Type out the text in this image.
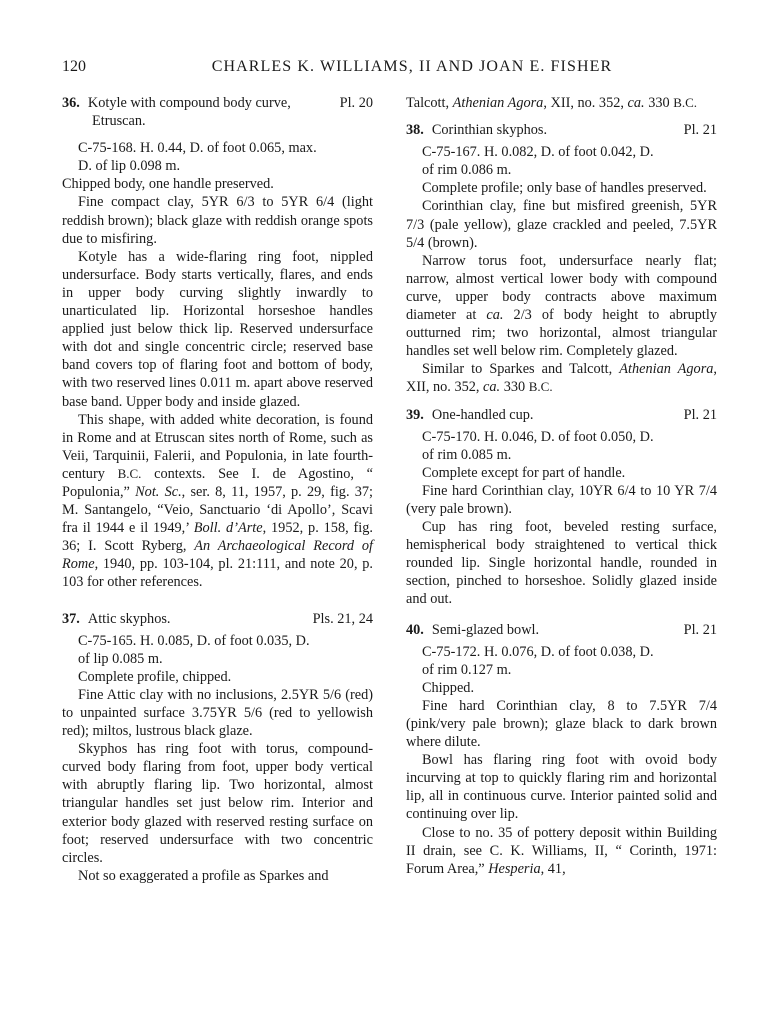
120	CHARLES K. WILLIAMS, II AND JOAN E. FISHER
36. Kotyle with compound body curve,	Pl. 20
Etruscan.
C-75-168. H. 0.44, D. of foot 0.065, max.
D. of lip 0.098 m.
Chipped body, one handle preserved.
Fine compact clay, 5YR 6/3 to 5YR 6/4 (light reddish brown); black glaze with reddish orange spots due to misfiring.
Kotyle has a wide-flaring ring foot, nippled undersurface. Body starts vertically, flares, and ends in upper body curving slightly inwardly to unarticulated lip. Horizontal horseshoe handles applied just below thick lip. Reserved undersurface with dot and single concentric circle; reserved base band covers top of flaring foot and bottom of body, with two reserved lines 0.011 m. apart above reserved base band. Upper body and inside glazed.
This shape, with added white decoration, is found in Rome and at Etruscan sites north of Rome, such as Veii, Tarquinii, Falerii, and Populonia, in late fourth-century B.C. contexts. See I. de Agostino, “ Populonia,” Not. Sc., ser. 8, 11, 1957, p. 29, fig. 37; M. Santangelo, “Veio, Sanctuario ‘di Apollo’, Scavi fra il 1944 e il 1949,’ Boll. d’Arte, 1952, p. 158, fig. 36; I. Scott Ryberg, An Archaeological Record of Rome, 1940, pp. 103-104, pl. 21:111, and note 20, p. 103 for other references.
37. Attic skyphos.	Pls. 21, 24
C-75-165. H. 0.085, D. of foot 0.035, D.
of lip 0.085 m.
Complete profile, chipped.
Fine Attic clay with no inclusions, 2.5YR 5/6 (red) to unpainted surface 3.75YR 5/6 (red to yellowish red); miltos, lustrous black glaze.
Skyphos has ring foot with torus, compound-curved body flaring from foot, upper body vertical with abruptly flaring lip. Two horizontal, almost triangular handles set just below rim. Interior and exterior body glazed with reserved resting surface on foot; reserved undersurface with two concentric circles.
Not so exaggerated a profile as Sparkes and
Talcott, Athenian Agora, XII, no. 352, ca. 330 B.C.
38. Corinthian skyphos.	Pl. 21
C-75-167. H. 0.082, D. of foot 0.042, D.
of rim 0.086 m.
Complete profile; only base of handles preserved.
Corinthian clay, fine but misfired greenish, 5YR 7/3 (pale yellow), glaze crackled and peeled, 7.5YR 5/4 (brown).
Narrow torus foot, undersurface nearly flat; narrow, almost vertical lower body with compound curve, upper body contracts above maximum diameter at ca. 2/3 of body height to abruptly outturned rim; two horizontal, almost triangular handles set well below rim. Completely glazed.
Similar to Sparkes and Talcott, Athenian Agora, XII, no. 352, ca. 330 B.C.
39. One-handled cup.	Pl. 21
C-75-170. H. 0.046, D. of foot 0.050, D.
of rim 0.085 m.
Complete except for part of handle.
Fine hard Corinthian clay, 10YR 6/4 to 10 YR 7/4 (very pale brown).
Cup has ring foot, beveled resting surface, hemispherical body straightened to vertical thick rounded lip. Single horizontal handle, rounded in section, pinched to horseshoe. Solidly glazed inside and out.
40. Semi-glazed bowl.	Pl. 21
C-75-172. H. 0.076, D. of foot 0.038, D.
of rim 0.127 m.
Chipped.
Fine hard Corinthian clay, 8 to 7.5YR 7/4 (pink/very pale brown); glaze black to dark brown where dilute.
Bowl has flaring ring foot with ovoid body incurving at top to quickly flaring rim and horizontal lip, all in continuous curve. Interior painted solid and continuing over lip.
Close to no. 35 of pottery deposit within Building II drain, see C. K. Williams, II, “ Corinth, 1971: Forum Area,” Hesperia, 41,
